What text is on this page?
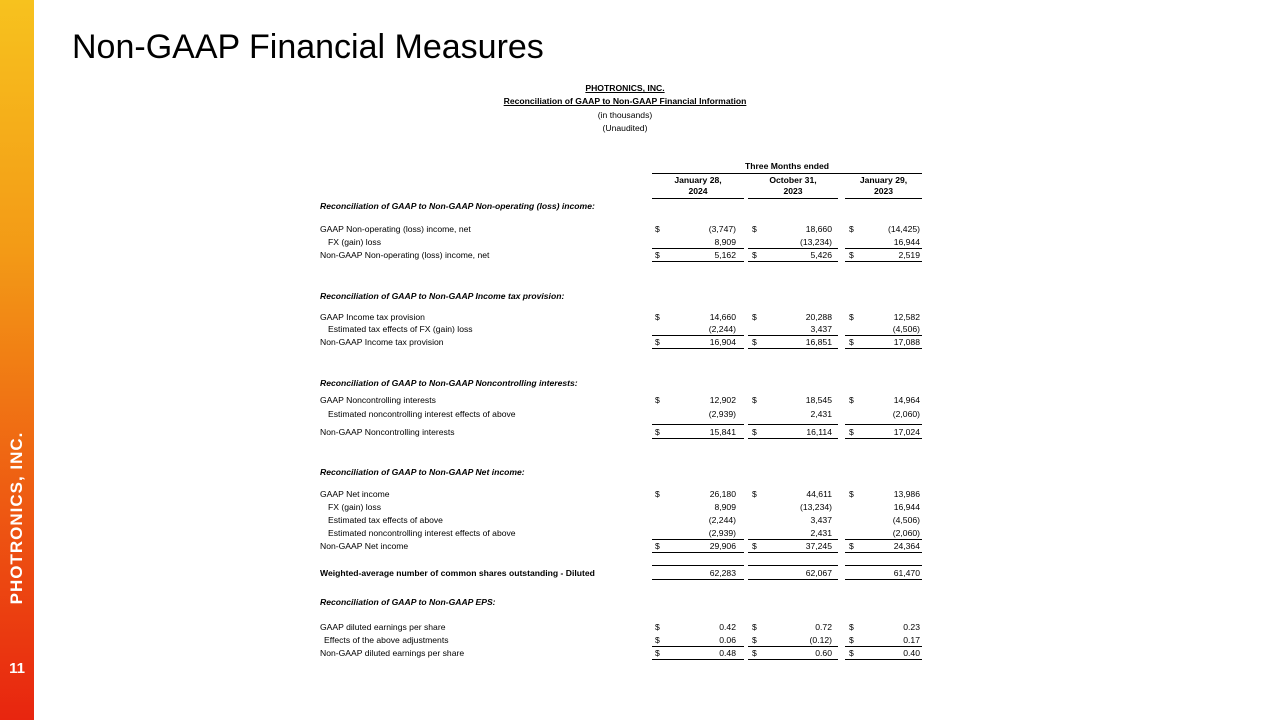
PHOTRONICS, INC.
11
Non-GAAP Financial Measures
PHOTRONICS, INC.
Reconciliation of GAAP to Non-GAAP Financial Information
(in thousands)
(Unaudited)
Three Months ended
January 28,
2024
October 31,
2023
January 29,
2023
Reconciliation of GAAP to Non-GAAP Non-operating (loss) income:
GAAP Non-operating (loss) income, net	$	(3,747) $	18,660 $	(14,425)
FX (gain) loss	8,909	(13,234)	16,944
Non-GAAP Non-operating (loss) income, net	$	5,162 $	5,426 $	2,519
Reconciliation of GAAP to Non-GAAP Income tax provision:
GAAP Income tax provision	$	14,660 $	20,288 $	12,582
Estimated tax effects of FX (gain) loss	(2,244)	3,437	(4,506)
Non-GAAP Income tax provision	$	16,904 $	16,851 $	17,088
Reconciliation of GAAP to Non-GAAP Noncontrolling interests:
GAAP Noncontrolling interests	$	12,902 $	18,545 $	14,964
Estimated noncontrolling interest effects of above	(2,939)	2,431	(2,060)
Non-GAAP Noncontrolling interests	$	15,841 $	16,114 $	17,024
Reconciliation of GAAP to Non-GAAP Net income:
GAAP Net income	$	26,180 $	44,611 $	13,986
FX (gain) loss	8,909	(13,234)	16,944
Estimated tax effects of above	(2,244)	3,437	(4,506)
Estimated noncontrolling interest effects of above	(2,939)	2,431	(2,060)
Non-GAAP Net income	$	29,906 $	37,245 $	24,364
Weighted-average number of common shares outstanding - Diluted	62,283	62,067	61,470
Reconciliation of GAAP to Non-GAAP EPS:
GAAP diluted earnings per share	$	0.42 $	0.72 $	0.23
Effects of the above adjustments	$	0.06 $	(0.12) $	0.17
Non-GAAP diluted earnings per share	$	0.48 $	0.60 $	0.40
